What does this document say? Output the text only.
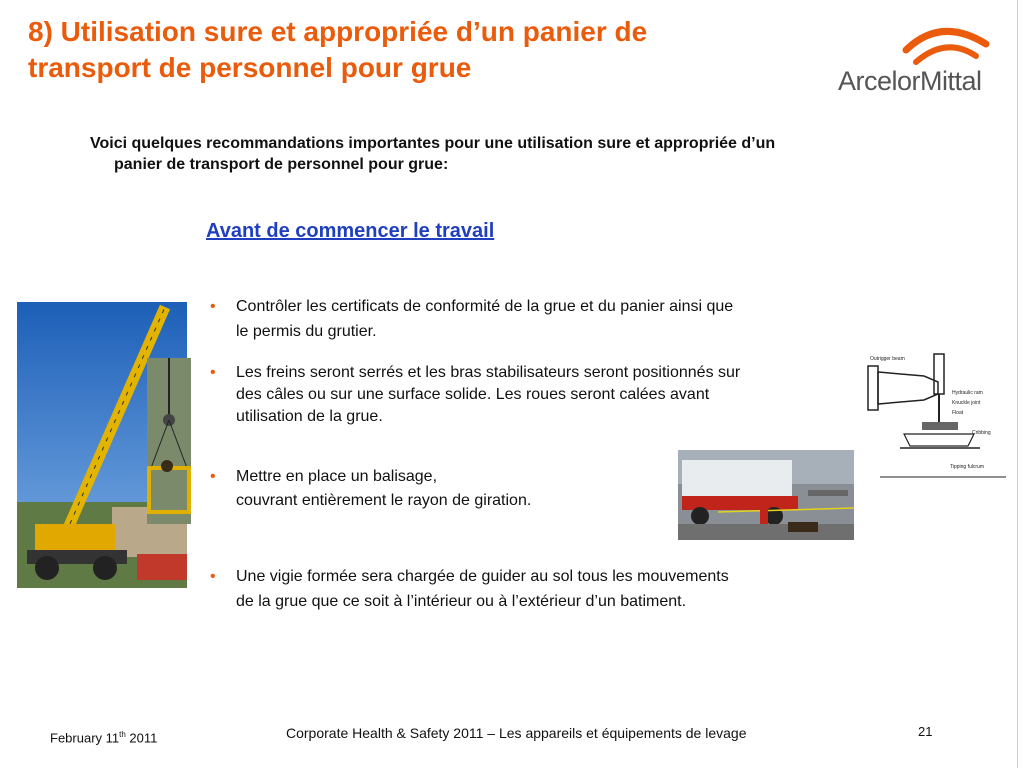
8) Utilisation sure et appropriée d’un panier de
transport de personnel pour grue	ArcelorMittal
Voici quelques recommandations importantes pour une utilisation sure et appropriée d’un
panier de transport de personnel pour grue:
Avant de commencer le travail
•	Contrôler les certificats de conformité de la grue et du panier ainsi que
le permis du grutier.
•	Les freins seront serrés et les bras stabilisateurs seront positionnés sur
des câles ou sur une surface solide. Les roues seront calées avant
utilisation de la grue.
•	Mettre en place un balisage,
couvrant entièrement le rayon de giration.
•	Une vigie formée sera chargée de guider au sol tous les mouvements
de la grue que ce soit à l’intérieur ou à l’extérieur d’un batiment.
Outrigger beam
Hydraulic ram
Knuckle joint
Float
Cribbing
Tipping fulcrum
February 11th 2011	Corporate Health & Safety 2011 – Les appareils et équipements de levage	21
